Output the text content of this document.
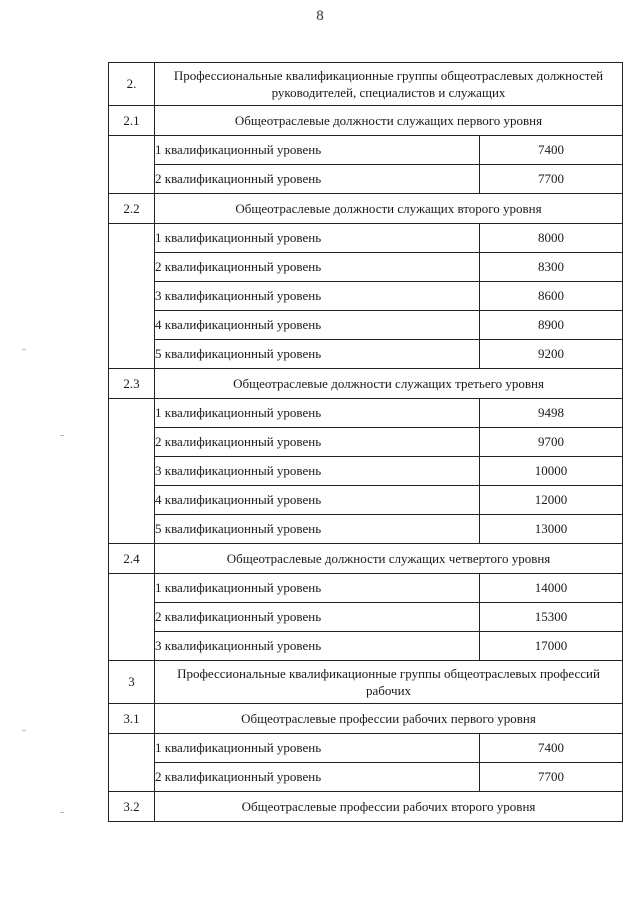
8
2.	Профессиональные квалификационные группы общеотраслевых должностей руководителей, специалистов и служащих	
2.1	Общеотраслевые должности служащих первого уровня	
	1 квалификационный уровень	7400
	2 квалификационный уровень	7700
2.2	Общеотраслевые должности служащих второго уровня	
	1 квалификационный уровень	8000
	2 квалификационный уровень	8300
	3 квалификационный уровень	8600
	4 квалификационный уровень	8900
	5 квалификационный уровень	9200
2.3	Общеотраслевые должности служащих третьего уровня	
	1 квалификационный уровень	9498
	2 квалификационный уровень	9700
	3 квалификационный уровень	10000
	4 квалификационный уровень	12000
	5 квалификационный уровень	13000
2.4	Общеотраслевые должности служащих четвертого уровня	
	1 квалификационный уровень	14000
	2 квалификационный уровень	15300
	3 квалификационный уровень	17000
3	Профессиональные квалификационные группы общеотраслевых профессий рабочих	
3.1	Общеотраслевые профессии рабочих первого уровня	
	1 квалификационный уровень	7400
	2 квалификационный уровень	7700
3.2	Общеотраслевые профессии рабочих второго уровня	
